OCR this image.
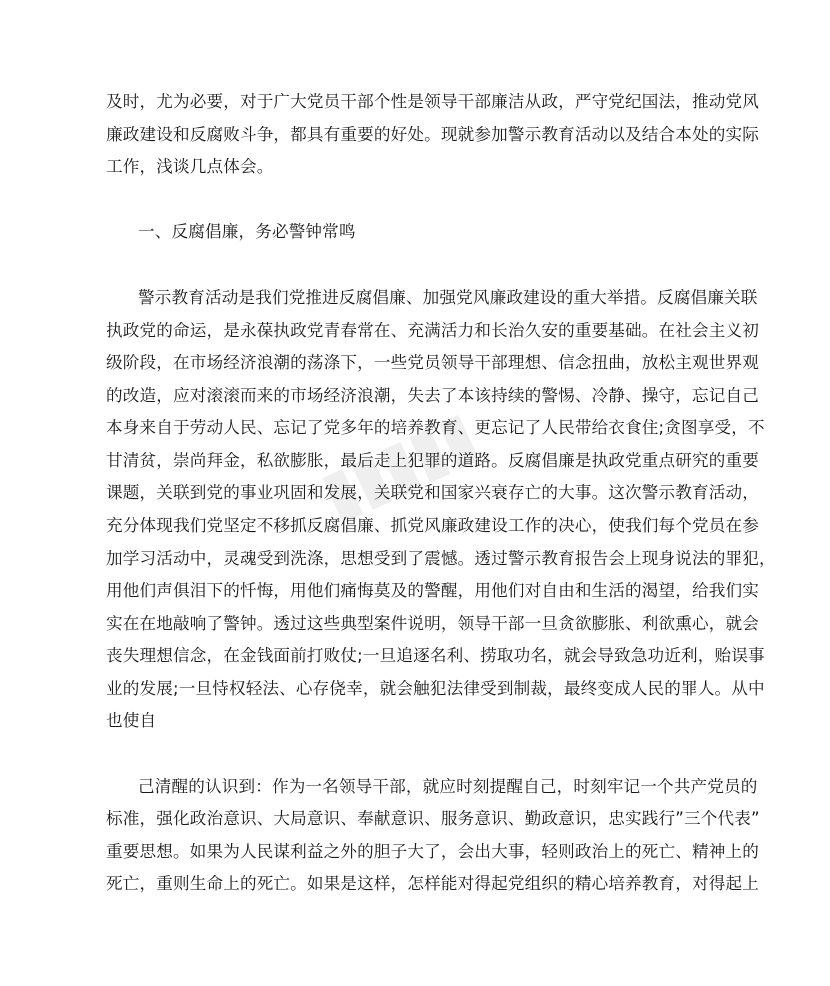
及时，尤为必要，对于广大党员干部个性是领导干部廉洁从政，严守党纪国法，推动党风
廉政建设和反腐败斗争，都具有重要的好处。现就参加警示教育活动以及结合本处的实际
工作，浅谈几点体会。
一、反腐倡廉，务必警钟常鸣
警示教育活动是我们党推进反腐倡廉、加强党风廉政建设的重大举措。反腐倡廉关联
执政党的命运，是永葆执政党青春常在、充满活力和长治久安的重要基础。在社会主义初
级阶段，在市场经济浪潮的荡涤下，一些党员领导干部理想、信念扭曲，放松主观世界观
的改造，应对滚滚而来的市场经济浪潮，失去了本该持续的警惕、冷静、操守，忘记自己
本身来自于劳动人民、忘记了党多年的培养教育、更忘记了人民带给衣食住;贪图享受，不
甘清贫，崇尚拜金，私欲膨胀，最后走上犯罪的道路。反腐倡廉是执政党重点研究的重要
课题，关联到党的事业巩固和发展，关联党和国家兴衰存亡的大事。这次警示教育活动，
充分体现我们党坚定不移抓反腐倡廉、抓党风廉政建设工作的决心，使我们每个党员在参
加学习活动中，灵魂受到洗涤，思想受到了震憾。透过警示教育报告会上现身说法的罪犯，
用他们声俱泪下的忏悔，用他们痛悔莫及的警醒，用他们对自由和生活的渴望，给我们实
实在在地敲响了警钟。透过这些典型案件说明，领导干部一旦贪欲膨胀、利欲熏心，就会
丧失理想信念，在金钱面前打败仗;一旦追逐名利、捞取功名，就会导致急功近利，贻误事
业的发展;一旦恃权轻法、心存侥幸，就会触犯法律受到制裁，最终变成人民的罪人。从中
也使自
己清醒的认识到：作为一名领导干部，就应时刻提醒自己，时刻牢记一个共产党员的
标准，强化政治意识、大局意识、奉献意识、服务意识、勤政意识，忠实践行”三个代表”
重要思想。如果为人民谋利益之外的胆子大了，会出大事，轻则政治上的死亡、精神上的
死亡，重则生命上的死亡。如果是这样，怎样能对得起党组织的精心培养教育，对得起上
